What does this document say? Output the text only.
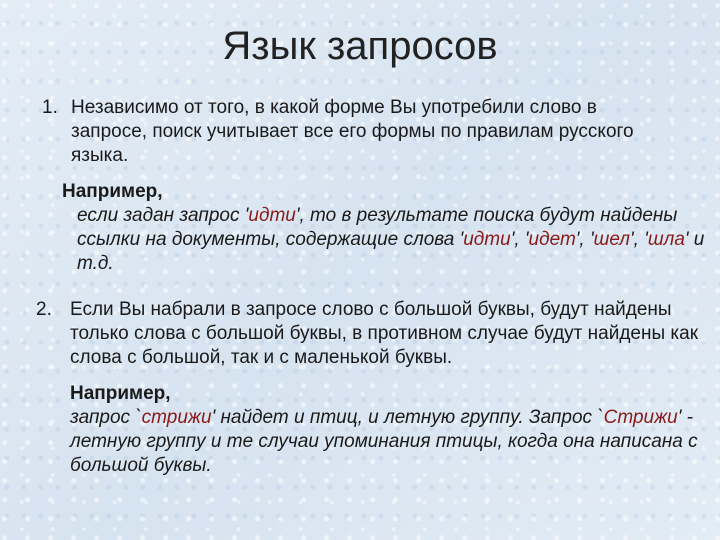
Язык запросов
1. Независимо от того, в какой форме Вы употребили слово в запросе, поиск учитывает все его формы по правилам русского языка.
Например,
если задан запрос 'идти', то в результате поиска будут найдены ссылки на документы, содержащие слова 'идти', 'идет', 'шел', 'шла' и т.д.
2. Если Вы набрали в запросе слово с большой буквы, будут найдены только слова с большой буквы, в противном случае будут найдены как слова с большой, так и с маленькой буквы.
Например,
запрос `стрижи' найдет и птиц, и летную группу. Запрос `Стрижи' - летную группу и те случаи упоминания птицы, когда она написана с большой буквы.
